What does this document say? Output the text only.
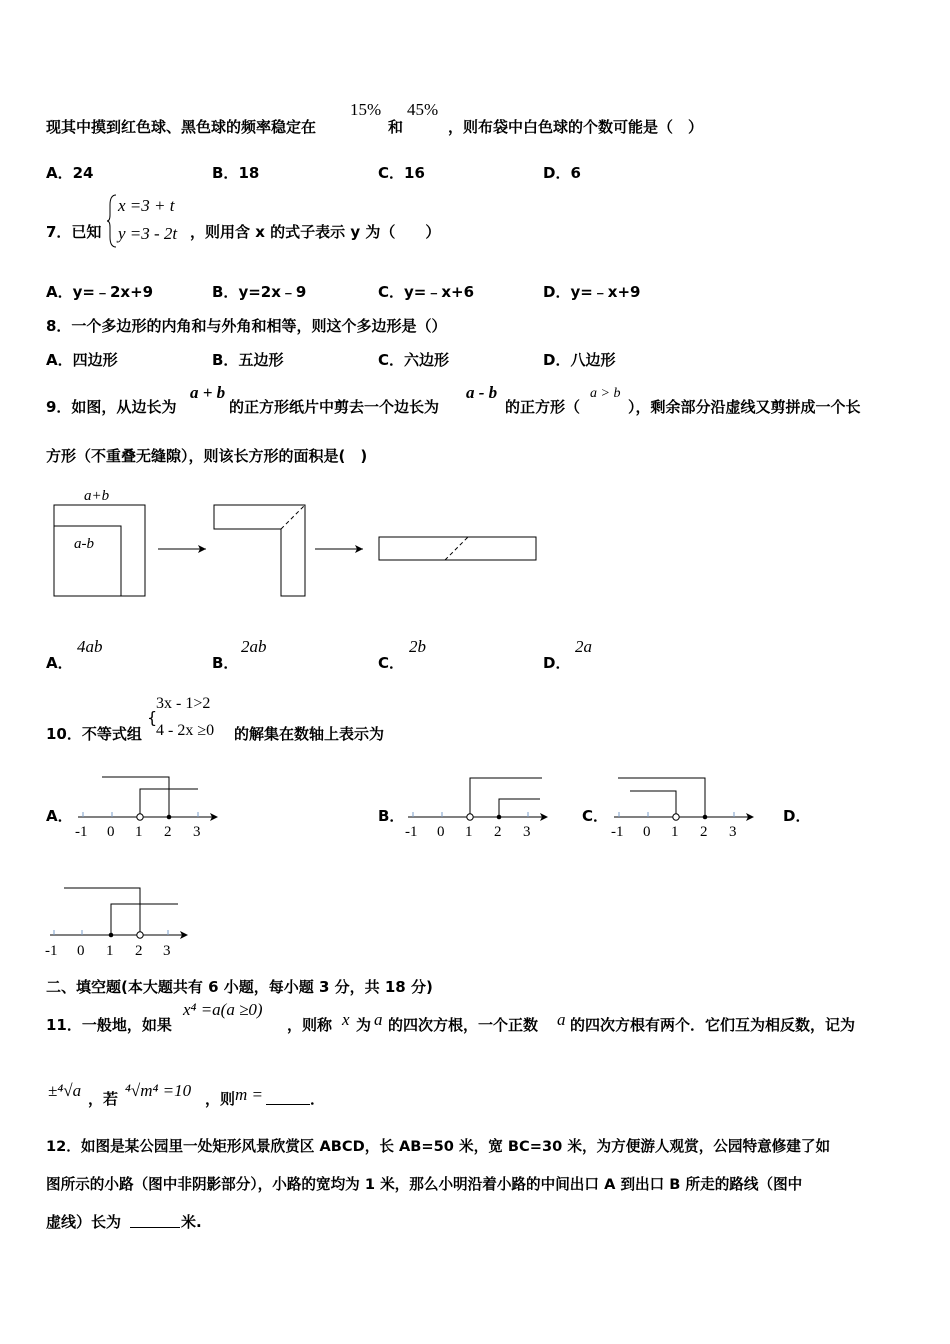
现其中摸到红色球、黑色球的频率稳定在
15%
和
45%
，则布袋中白色球的个数可能是（　）
A．24	B．18	C．16	D．6
7．已知
x =3 + t
y =3 - 2t ，则用含 x 的式子表示 y 为（　　）
A．y=﹣2x+9	B．y=2x﹣9	C．y=﹣x+6	D．y=﹣x+9
8．一个多边形的内角和与外角和相等，则这个多边形是（）
A．四边形	B．五边形	C．六边形	D．八边形
9．如图，从边长为
a + b
的正方形纸片中剪去一个边长为
a - b
的正方形（
a > b
），剩余部分沿虚线又剪拼成一个长
方形（不重叠无缝隙），则该长方形的面积是(　)
a+b
a-b
A．
4ab
B．
2ab
C．
2b
D．
2a
10．不等式组
{
3x - 1>2
4 - 2x ≥0 的解集在数轴上表示为
A．	B．	C．	D．
-1 0 1 2 3	-1 0 1 2 3	-1 0 1 2 3
-1 0 1 2 3
二、填空题(本大题共有 6 小题，每小题 3 分，共 18 分)
11．一般地，如果
x⁴ =a(a ≥0)
，则称 x 为 a 的四次方根，一个正数 a 的四次方根有两个．它们互为相反数，记为
±⁴√a ，若 ⁴√m⁴ =10 ，则 m =	．
12．如图是某公园里一处矩形风景欣赏区 ABCD，长 AB=50 米，宽 BC=30 米，为方便游人观赏，公园特意修建了如
图所示的小路（图中非阴影部分），小路的宽均为 1 米，那么小明沿着小路的中间出口 A 到出口 B 所走的路线（图中
虚线）长为	米.
